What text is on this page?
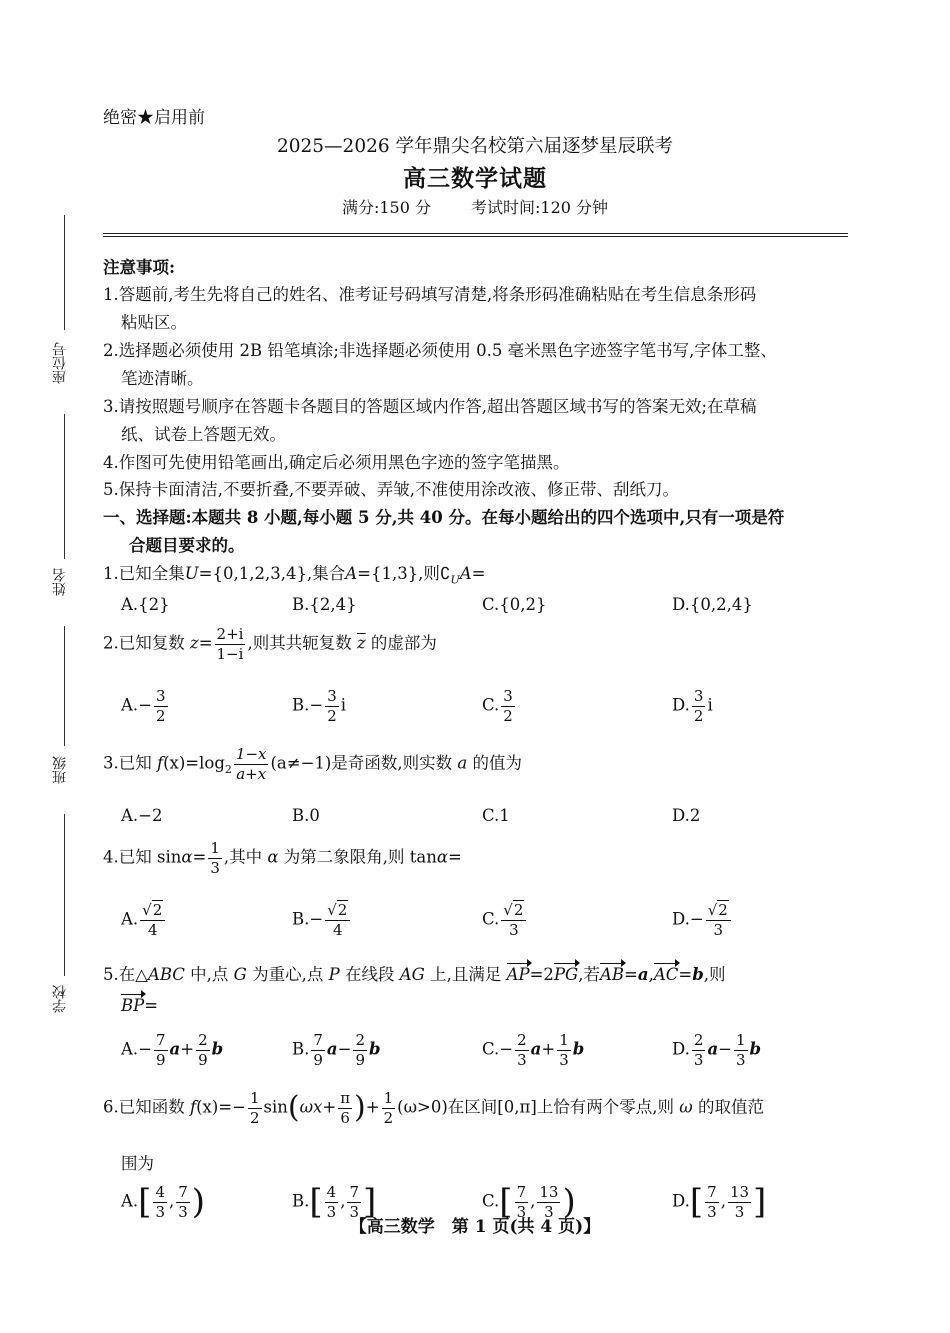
座位号
姓名
班级
学校
绝密★启用前
2025—2026 学年鼎尖名校第六届逐梦星辰联考
高三数学试题
满分:150 分	考试时间:120 分钟
注意事项:
1.答题前,考生先将自己的姓名、准考证号码填写清楚,将条形码准确粘贴在考生信息条形码
粘贴区。
2.选择题必须使用 2B 铅笔填涂;非选择题必须使用 0.5 毫米黑色字迹签字笔书写,字体工整、
笔迹清晰。
3.请按照题号顺序在答题卡各题目的答题区域内作答,超出答题区域书写的答案无效;在草稿
纸、试卷上答题无效。
4.作图可先使用铅笔画出,确定后必须用黑色字迹的签字笔描黑。
5.保持卡面清洁,不要折叠,不要弄破、弄皱,不准使用涂改液、修正带、刮纸刀。
一、选择题:本题共 8 小题,每小题 5 分,共 40 分。在每小题给出的四个选项中,只有一项是符
合题目要求的。
1.已知全集U={0,1,2,3,4},集合A={1,3},则$∁_UA=$
A.{2}	B.{2,4}	C.{0,2}	D.{0,2,4}
2.已知复数 $z= \frac{2+i}{1-i}$ ,则其共轭复数 $\overline{z}$ 的虚部为
$A.- \frac{3}{2}$	$B.- \frac{3}{2}$ i	C. $\frac{3}{2}$	D. $\frac{3}{2}$ i
3.已知 $f(x)=\log_2 \frac{1-x}{a+x} (a\ne-1)$是奇函数,则实数 a 的值为
A.−2	B.0	C.1	D.2
4.已知 $\sin\alpha= \frac{1}{3}$ ,其中 α 为第二象限角,则 tanα=
A. $\frac{√2}{4}$	$B.- \frac{√2}{4}$	C. $\frac{√2}{3}$	$D.- \frac{√2}{3}$
5.在△ABC 中,点 G 为重心,点 P 在线段 AG 上,且满足 AP=2PG,若AB=a,AC=b,则
BP=
$A.- \frac{7}{9} a+ \frac{2}{9}$ b	B. $\frac{7}{9} a- \frac{2}{9}$ b	$C.- \frac{2}{3} a+ \frac{1}{3}$ b	D. $\frac{2}{3} a- \frac{1}{3}$ b
6.已知函数 $f(x)=- \frac{1}{2} \sin(\omega x+ \frac{\pi}{6}$ )+ $\frac{1}{2} (\omega>0)$在区间[0,π]上恰有两个零点,则 ω 的取值范
围为
$A.[ \frac{4}{3}$ , $\frac{7}{3}$ )	$B.[ \frac{4}{3}$ , $\frac{7}{3}$ ]	$C.[ \frac{7}{3}$ , $\frac{13}{3}$ )	$D.[ \frac{7}{3}$ , $\frac{13}{3}$ ]
【高三数学　第 1 页(共 4 页)】
